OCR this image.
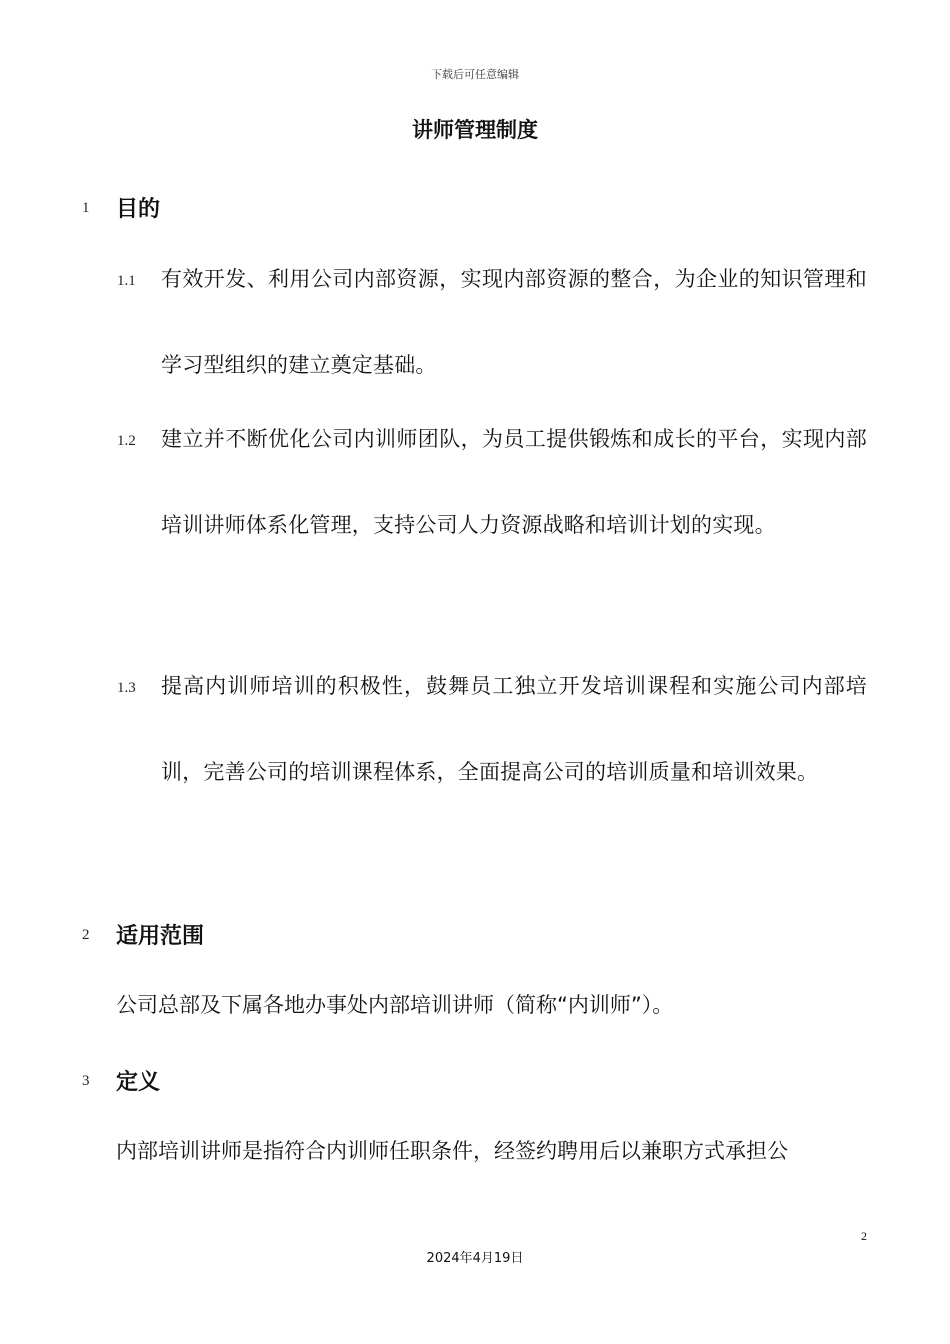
下载后可任意编辑
讲师管理制度
1 目的
1.1 有效开发、利用公司内部资源，实现内部资源的整合，为企业的知识管理和学习型组织的建立奠定基础。
1.2 建立并不断优化公司内训师团队，为员工提供锻炼和成长的平台，实现内部培训讲师体系化管理，支持公司人力资源战略和培训计划的实现。
1.3 提高内训师培训的积极性，鼓舞员工独立开发培训课程和实施公司内部培训，完善公司的培训课程体系，全面提高公司的培训质量和培训效果。
2 适用范围
公司总部及下属各地办事处内部培训讲师（简称“内训师”）。
3 定义
内部培训讲师是指符合内训师任职条件，经签约聘用后以兼职方式承担公
2
2024年4月19日
